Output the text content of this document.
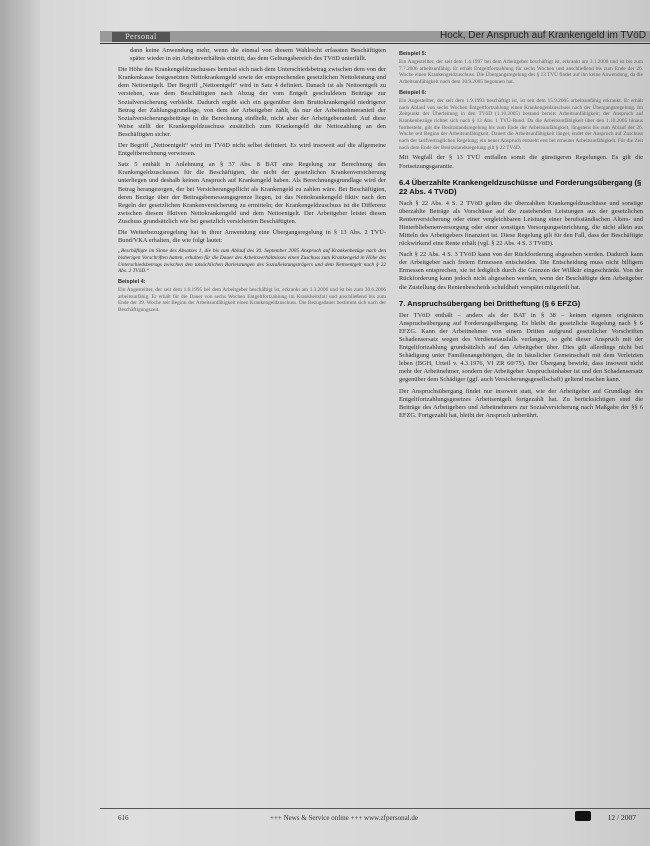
Personal	Hock, Der Anspruch auf Krankengeld im TVöD

dann keine Anwendung mehr, wenn die einmal von diesem Wahlrecht erfassten Beschäftigten später wieder in ein Arbeitsverhältnis eintritt, das dem Geltungsbereich des TVöD unterfällt.

Die Höhe des Krankengeldzuschusses bemisst sich nach dem Unterschiedsbetrag zwischen dem von der Krankenkasse festgesetzten Nettokrankengeld sowie der entsprechenden gesetzlichen Nettoleistung und dem Nettoentgelt. Der Begriff „Nettoentgelt“ wird in Satz 4 definiert. Danach ist als Nettoentgelt zu verstehen, was dem Beschäftigten nach Abzug der vom Entgelt geschuldeten Beiträge zur Sozialversicherung verbleibt. Dadurch ergibt sich ein gegenüber dem Bruttokrankengeld niedrigerer Betrag der Zahlungsgrundlage, von dem der Arbeitgeber zahlt, da nur der Arbeitnehmeranteil der Sozialversicherungsbeiträge in die Berechnung einfließt, nicht aber der Arbeitgeberanteil. Auf diese Weise stellt der Krankengeldzuschuss zusätzlich zum Krankengeld die Nettozahlung an den Beschäftigten sicher.

Der Begriff „Nettoentgelt“ wird im TVöD nicht selbst definiert. Es wird insoweit auf die allgemeine Entgeltberechnung verwiesen.

Satz 5 enthält in Anlehnung an § 37 Abs. 8 BAT eine Regelung zur Berechnung des Krankengeldzuschusses für die Beschäftigten, die nicht der gesetzlichen Krankenversicherung unterliegen und deshalb keinen Anspruch auf Krankengeld haben. Als Berechnungsgrundlage wird der Betrag herangezogen, der bei Versicherungspflicht als Krankengeld zu zahlen wäre. Bei Beschäftigten, deren Bezüge über der Beitragsbemessungsgrenze liegen, ist das Nettokrankengeld fiktiv nach den Regeln der gesetzlichen Krankenversicherung zu ermitteln; der Krankengeldzuschuss ist die Differenz zwischen diesem fiktiven Nettokrankengeld und dem Nettoentgelt. Der Arbeitgeber leistet diesen Zuschuss grundsätzlich wie bei gesetzlich versicherten Beschäftigten.

Die Weiterbezugsregelung hat in ihrer Anwendung eine Übergangsregelung in § 13 Abs. 2 TVÜ-Bund/VKA erhalten, die wie folgt lautet:

„Beschäftigte im Sinne des Absatzes 1, die bis zum Ablauf des 30. September 2005 Anspruch auf Krankenbezüge nach den bisherigen Vorschriften hatten, erhalten für die Dauer des Arbeitsverhältnisses einen Zuschuss zum Krankengeld in Höhe des Unterschiedsbetrags zwischen den tatsächlichen Barleistungen des Sozialleistungsträgers und dem Nettoentgelt nach § 22 Abs. 2 TVöD.“

Beispiel 4:

Ein Angestellter, der seit dem 1.6.1995 bei dem Arbeitgeber beschäftigt ist, erkrankt am 1.3.2006 und ist bis zum 30.6.2006 arbeitsunfähig. Er erhält für die Dauer von sechs Wochen Entgeltfortzahlung im Krankheitsfall und anschließend bis zum Ende der 39. Woche seit Beginn der Arbeitsunfähigkeit einen Krankengeldzuschuss. Die Bezugsdauer bestimmt sich nach der Beschäftigungszeit.

Beispiel 5:

Ein Angestellter, der seit dem 1.4.1997 bei dem Arbeitgeber beschäftigt ist, erkrankt am 3.1.2006 und ist bis zum 7.7.2006 arbeitsunfähig. Er erhält Entgeltfortzahlung für sechs Wochen und anschließend bis zum Ende der 26. Woche einen Krankengeldzuschuss. Die Übergangsregelung des § 13 TVÜ findet auf ihn keine Anwendung, da die Arbeitsunfähigkeit nach dem 30.9.2005 begonnen hat.

Beispiel 6:

Ein Angestellter, der seit dem 1.9.1993 beschäftigt ist, ist seit dem 15.9.2005 arbeitsunfähig erkrankt. Er erhält nach Ablauf von sechs Wochen Entgeltfortzahlung einen Krankengeldzuschuss nach der Übergangsregelung. Im Zeitpunkt der Überleitung in den TVöD (1.10.2005) bestand bereits Arbeitsunfähigkeit; der Anspruch auf Krankenbezüge richtet sich nach § 13 Abs. 1 TVÜ-Bund. Da die Arbeitsunfähigkeit über den 1.10.2005 hinaus fortbesteht, gilt die Besitzstandsregelung bis zum Ende der Arbeitsunfähigkeit, längstens bis zum Ablauf der 26. Woche seit Beginn der Arbeitsunfähigkeit. Dauert die Arbeitsunfähigkeit länger, endet der Anspruch auf Zuschuss nach der tarifvertraglichen Regelung; ein neuer Anspruch entsteht erst bei erneuter Arbeitsunfähigkeit. Für die Zeit nach dem Ende der Besitzstandsregelung gilt § 22 TVöD.

Mit Wegfall der § 13 TVÜ entfallen somit die günstigeren Regelungen. Es gilt die Fortsetzungsgarantie.

6.4 Überzahlte Krankengeldzuschüsse und Forderungsübergang (§ 22 Abs. 4 TVöD)

Nach § 22 Abs. 4 S. 2 TVöD gelten die überzahlten Krankengeldzuschüsse und sonstige überzahlte Beträge als Vorschüsse auf die zustehenden Leistungen aus der gesetzlichen Rentenversicherung oder einer vergleichbaren Leistung einer berufsständischen Alters- und Hinterbliebenenversorgung oder einer sonstigen Versorgungseinrichtung, die nicht allein aus Mitteln des Arbeitgebers finanziert ist. Diese Regelung gilt für den Fall, dass der Beschäftigte rückwirkend eine Rente erhält (vgl. § 22 Abs. 4 S. 3 TVöD).

Nach § 22 Abs. 4 S. 3 TVöD kann von der Rückforderung abgesehen werden. Dadurch kann der Arbeitgeber nach freiem Ermessen entscheiden. Die Entscheidung muss nicht billigem Ermessen entsprechen, sie ist lediglich durch die Grenzen der Willkür eingeschränkt. Von der Rückforderung kann jedoch nicht abgesehen werden, wenn der Beschäftigte dem Arbeitgeber die Zustellung des Rentenbescheids schuldhaft verspätet mitgeteilt hat.

7. Anspruchsübergang bei Drittheftung (§ 6 EFZG)

Der TVöD enthält – anders als der BAT in § 38 – keinen eigenen originären Anspruchsübergang auf Forderungsübergang. Es bleibt die gesetzliche Regelung nach § 6 EFZG. Kann der Arbeitnehmer von einem Dritten aufgrund gesetzlicher Vorschriften Schadensersatz wegen des Verdienstausfalls verlangen, so geht dieser Anspruch mit der Entgeltfortzahlung grundsätzlich auf den Arbeitgeber über. Dies gilt allerdings nicht bei Schädigung unter Familienangehörigen, die in häuslicher Gemeinschaft mit dem Verletzten leben (BGH, Urteil v. 4.3.1976, VI ZR 60/75). Der Übergang bewirkt, dass insoweit nicht mehr der Arbeitnehmer, sondern der Arbeitgeber Anspruchsinhaber ist und den Schadensersatz gegenüber dem Schädiger (ggf. auch Versicherungsgesellschaft) geltend machen kann.

Der Anspruchsübergang findet nur insoweit statt, wie der Arbeitgeber auf Grundlage des Entgeltfortzahlungsgesetzes Arbeitsentgelt fortgezahlt hat. Zu berücksichtigen sind die Beiträge des Arbeitgebers und Arbeitnehmers zur Sozialversicherung nach Maßgabe der §§ 6 EFZG. Fortgezahlt hat, bleibt der Anspruch unberührt.

616	+++ News & Service online +++ www.zfpersonal.de	12 / 2007
